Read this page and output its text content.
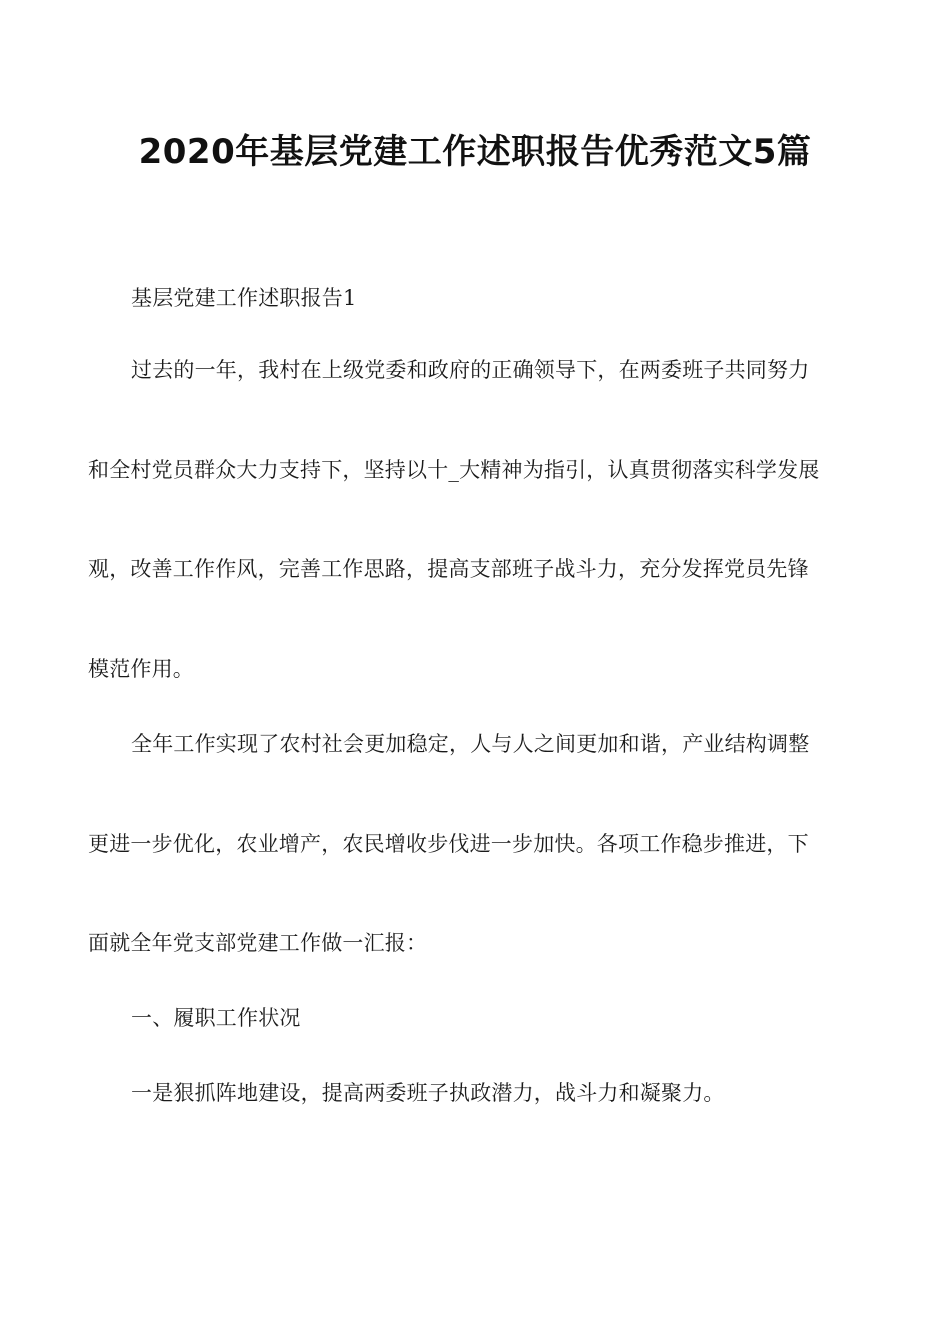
2020年基层党建工作述职报告优秀范文5篇
基层党建工作述职报告1
过去的一年，我村在上级党委和政府的正确领导下，在两委班子共同努力
和全村党员群众大力支持下，坚持以十_大精神为指引，认真贯彻落实科学发展
观，改善工作作风，完善工作思路，提高支部班子战斗力，充分发挥党员先锋
模范作用。
全年工作实现了农村社会更加稳定，人与人之间更加和谐，产业结构调整
更进一步优化，农业增产，农民增收步伐进一步加快。各项工作稳步推进，下
面就全年党支部党建工作做一汇报：
一、履职工作状况
一是狠抓阵地建设，提高两委班子执政潜力，战斗力和凝聚力。
